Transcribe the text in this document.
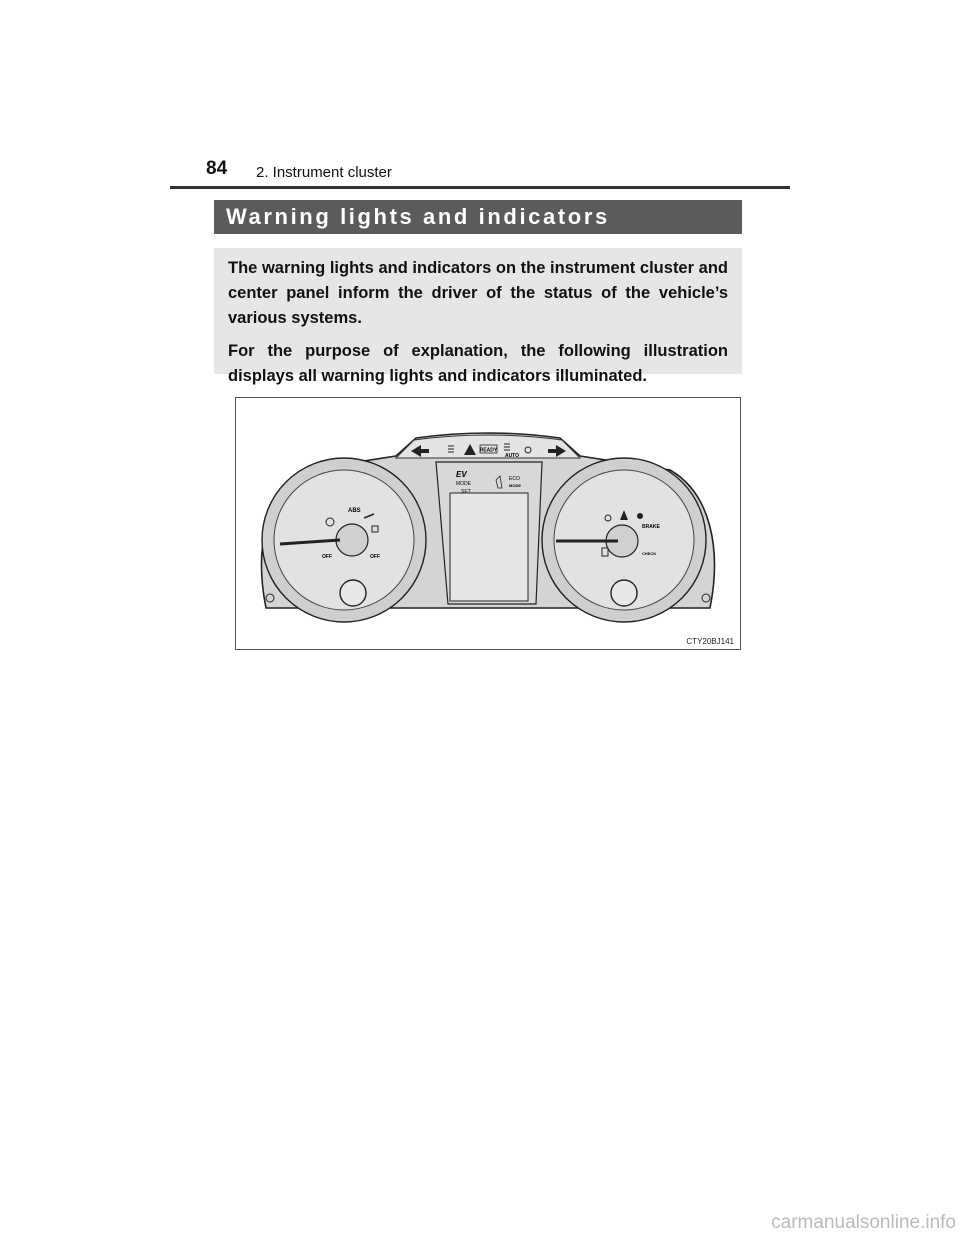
84 2. Instrument cluster
Warning lights and indicators

The warning lights and indicators on the instrument cluster and center panel inform the driver of the status of the vehicle’s various systems.

For the purpose of explanation, the following illustration displays all warning lights and indicators illuminated.

READY
AUTO
ABS
OFF	OFF
EV
MODE
SET
ECO
MODE
BRAKE
CHECK
CTY20BJ141
carmanualsonline.info
